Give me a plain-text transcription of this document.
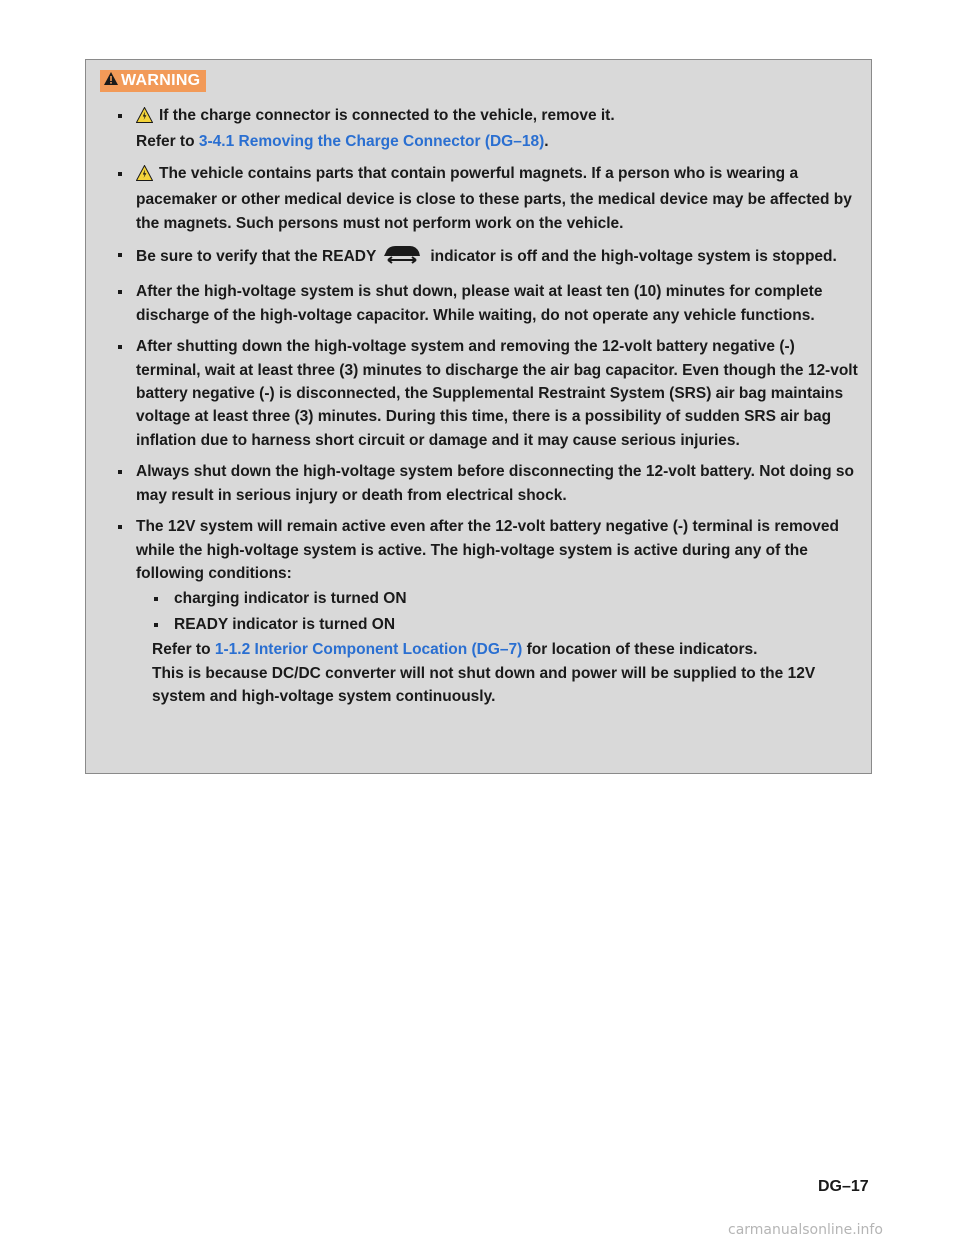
WARNING
If the charge connector is connected to the vehicle, remove it.
Refer to 3-4.1 Removing the Charge Connector (DG–18).
The vehicle contains parts that contain powerful magnets. If a person who is wearing a pacemaker or other medical device is close to these parts, the medical device may be affected by the magnets. Such persons must not perform work on the vehicle.
Be sure to verify that the READY	indicator is off and the high-voltage system is stopped.
After the high-voltage system is shut down, please wait at least ten (10) minutes for complete discharge of the high-voltage capacitor. While waiting, do not operate any vehicle functions.
After shutting down the high-voltage system and removing the 12-volt battery negative (-) terminal, wait at least three (3) minutes to discharge the air bag capacitor. Even though the 12-volt battery negative (-) is disconnected, the Supplemental Restraint System (SRS) air bag maintains voltage at least three (3) minutes. During this time, there is a possibility of sudden SRS air bag inflation due to harness short circuit or damage and it may cause serious injuries.
Always shut down the high-voltage system before disconnecting the 12-volt battery. Not doing so may result in serious injury or death from electrical shock.
The 12V system will remain active even after the 12-volt battery negative (-) terminal is removed while the high-voltage system is active. The high-voltage system is active during any of the following conditions:
charging indicator is turned ON
READY indicator is turned ON
Refer to 1-1.2 Interior Component Location (DG–7) for location of these indicators.
This is because DC/DC converter will not shut down and power will be supplied to the 12V system and high-voltage system continuously.
DG–17
carmanualsonline.info
